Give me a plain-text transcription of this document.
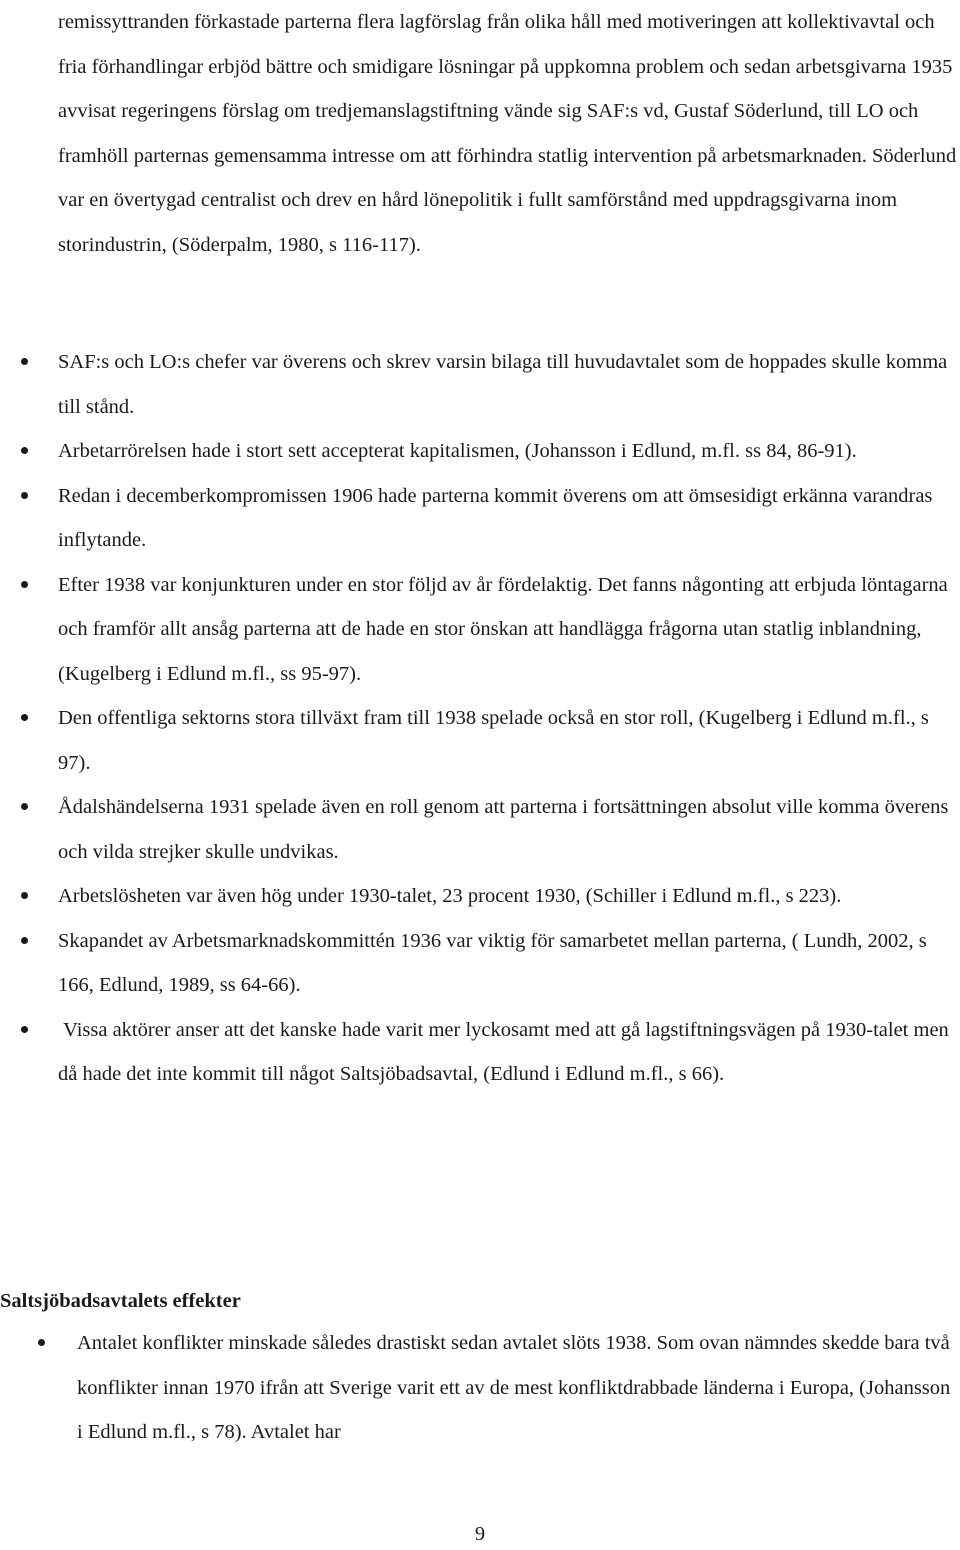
remissyttranden förkastade parterna flera lagförslag från olika håll med motiveringen att kollektivavtal och fria förhandlingar erbjöd bättre och smidigare lösningar på uppkomna problem och sedan arbetsgivarna 1935 avvisat regeringens förslag om tredjemanslagstiftning vände sig SAF:s vd, Gustaf Söderlund, till LO och framhöll parternas gemensamma intresse om att förhindra statlig intervention på arbetsmarknaden. Söderlund var en övertygad centralist och drev en hård lönepolitik i fullt samförstånd med uppdragsgivarna inom storindustrin, (Söderpalm, 1980, s 116-117).

SAF:s och LO:s chefer var överens och skrev varsin bilaga till huvudavtalet som de hoppades skulle komma till stånd.
Arbetarrörelsen hade i stort sett accepterat kapitalismen, (Johansson i Edlund, m.fl. ss 84, 86-91).
Redan i decemberkompromissen 1906 hade parterna kommit överens om att ömsesidigt erkänna varandras inflytande.
Efter 1938 var konjunkturen under en stor följd av år fördelaktig. Det fanns någonting att erbjuda löntagarna och framför allt ansåg parterna att de hade en stor önskan att handlägga frågorna utan statlig inblandning, (Kugelberg i Edlund m.fl., ss 95-97).
Den offentliga sektorns stora tillväxt fram till 1938 spelade också en stor roll, (Kugelberg i Edlund m.fl., s 97).
Ådalshändelserna 1931 spelade även en roll genom att parterna i fortsättningen absolut ville komma överens och vilda strejker skulle undvikas.
Arbetslösheten var även hög under 1930-talet, 23 procent 1930, (Schiller i Edlund m.fl., s 223).
Skapandet av Arbetsmarknadskommittén 1936 var viktig för samarbetet mellan parterna, ( Lundh, 2002, s 166, Edlund, 1989, ss 64-66).
Vissa aktörer anser att det kanske hade varit mer lyckosamt med att gå lagstiftningsvägen på 1930-talet men då hade det inte kommit till något Saltsjöbadsavtal, (Edlund i Edlund m.fl., s 66).
Saltsjöbadsavtalets effekter
Antalet konflikter minskade således drastiskt sedan avtalet slöts 1938. Som ovan nämndes skedde bara två konflikter innan 1970 ifrån att Sverige varit ett av de mest konfliktdrabbade länderna i Europa, (Johansson i Edlund m.fl., s 78). Avtalet har
9
